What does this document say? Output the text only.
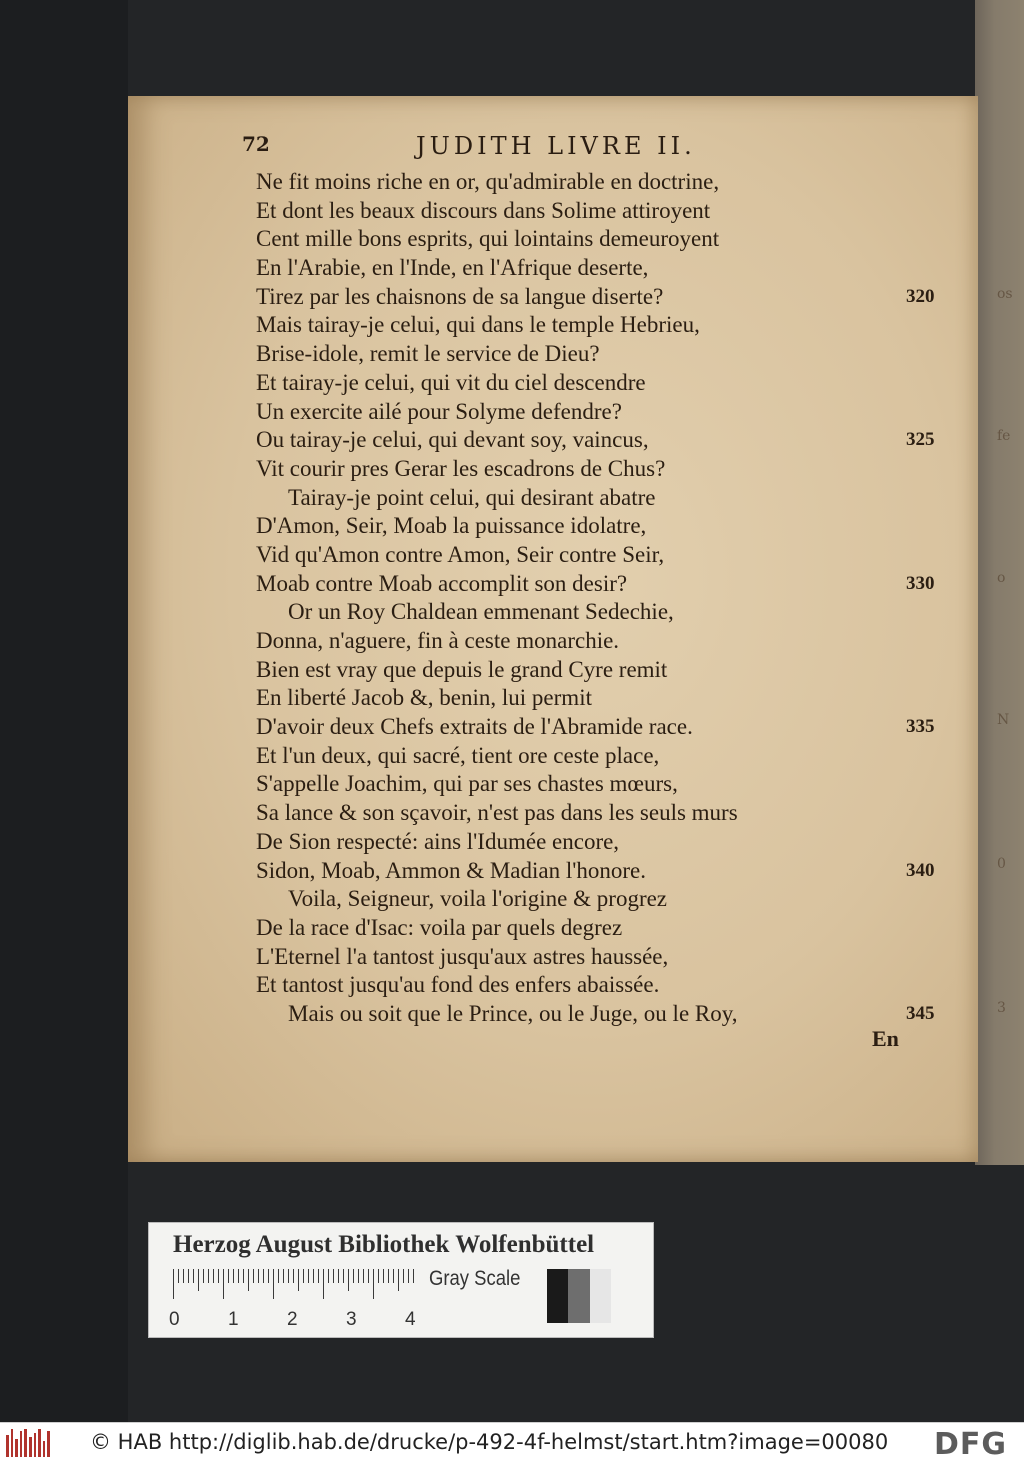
os
fe
o
N
0
3
72	JUDITH LIVRE II.
Ne fit moins riche en or, qu'admirable en doctrine,
Et dont les beaux discours dans Solime attiroyent
Cent mille bons esprits, qui lointains demeuroyent
En l'Arabie, en l'Inde, en l'Afrique deserte,
Tirez par les chaisnons de sa langue diserte?	320
Mais tairay-je celui, qui dans le temple Hebrieu,
Brise-idole, remit le service de Dieu?
Et tairay-je celui, qui vit du ciel descendre
Un exercite ailé pour Solyme defendre?
Ou tairay-je celui, qui devant soy, vaincus,	325
Vit courir pres Gerar les escadrons de Chus?
Tairay-je point celui, qui desirant abatre
D'Amon, Seir, Moab la puissance idolatre,
Vid qu'Amon contre Amon, Seir contre Seir,
Moab contre Moab accomplit son desir?	330
Or un Roy Chaldean emmenant Sedechie,
Donna, n'aguere, fin à ceste monarchie.
Bien est vray que depuis le grand Cyre remit
En liberté Jacob &, benin, lui permit
D'avoir deux Chefs extraits de l'Abramide race.	335
Et l'un deux, qui sacré, tient ore ceste place,
S'appelle Joachim, qui par ses chastes mœurs,
Sa lance & son sçavoir, n'est pas dans les seuls murs
De Sion respecté: ains l'Idumée encore,
Sidon, Moab, Ammon & Madian l'honore.	340
Voila, Seigneur, voila l'origine & progrez
De la race d'Isac: voila par quels degrez
L'Eternel l'a tantost jusqu'aux astres haussée,
Et tantost jusqu'au fond des enfers abaissée.
Mais ou soit que le Prince, ou le Juge, ou le Roy,	345
En
Herzog August Bibliothek Wolfenbüttel
0	1	2	3	4
Gray Scale
© HAB http://diglib.hab.de/drucke/p-492-4f-helmst/start.htm?image=00080 DFG
